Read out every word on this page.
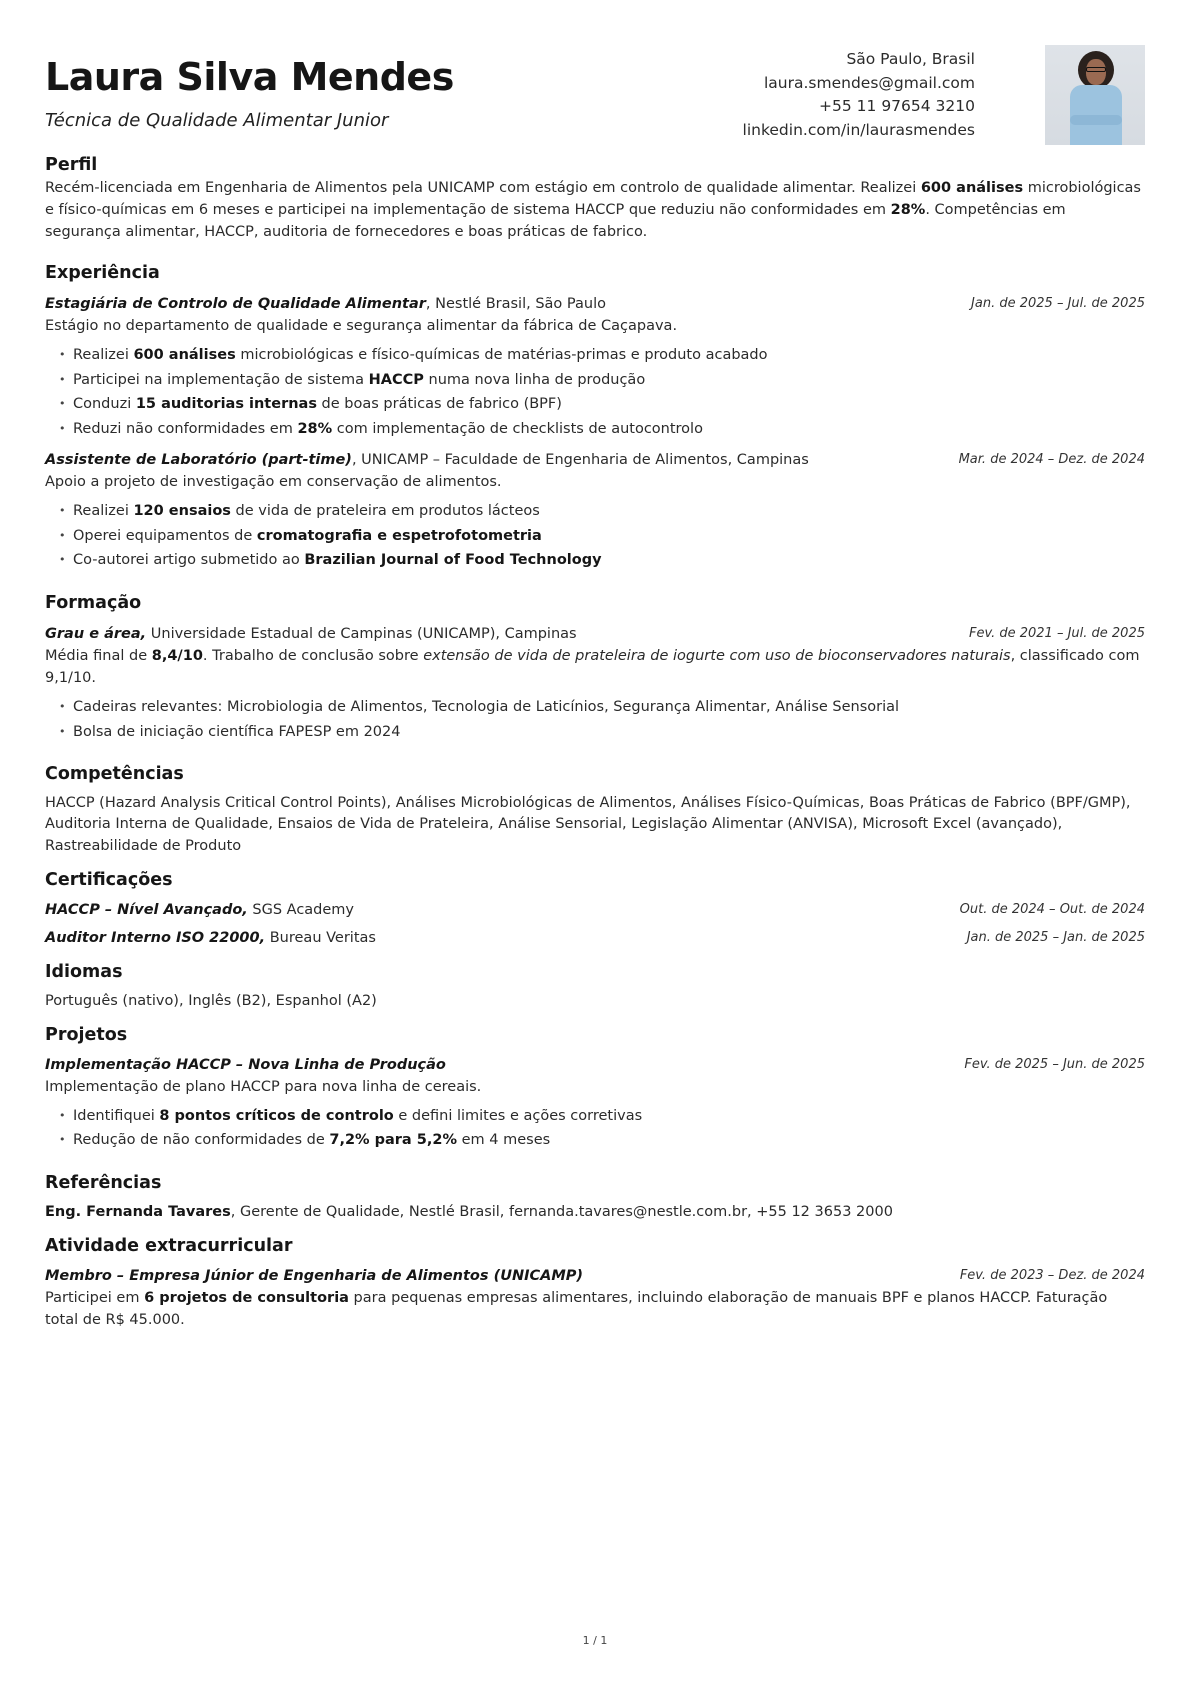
Laura Silva Mendes
Técnica de Qualidade Alimentar Junior
São Paulo, Brasil
laura.smendes@gmail.com
+55 11 97654 3210
linkedin.com/in/laurasmendes
Perfil
Recém-licenciada em Engenharia de Alimentos pela UNICAMP com estágio em controlo de qualidade alimentar. Realizei 600 análises microbiológicas e físico-químicas em 6 meses e participei na implementação de sistema HACCP que reduziu não conformidades em 28%. Competências em segurança alimentar, HACCP, auditoria de fornecedores e boas práticas de fabrico.
Experiência
Estagiária de Controlo de Qualidade Alimentar, Nestlé Brasil, São Paulo	Jan. de 2025 – Jul. de 2025
Estágio no departamento de qualidade e segurança alimentar da fábrica de Caçapava.
• Realizei 600 análises microbiológicas e físico-químicas de matérias-primas e produto acabado
• Participei na implementação de sistema HACCP numa nova linha de produção
• Conduzi 15 auditorias internas de boas práticas de fabrico (BPF)
• Reduzi não conformidades em 28% com implementação de checklists de autocontrolo
Assistente de Laboratório (part-time), UNICAMP – Faculdade de Engenharia de Alimentos, Campinas	Mar. de 2024 – Dez. de 2024
Apoio a projeto de investigação em conservação de alimentos.
• Realizei 120 ensaios de vida de prateleira em produtos lácteos
• Operei equipamentos de cromatografia e espetrofotometria
• Co-autorei artigo submetido ao Brazilian Journal of Food Technology
Formação
Grau e área, Universidade Estadual de Campinas (UNICAMP), Campinas	Fev. de 2021 – Jul. de 2025
Média final de 8,4/10. Trabalho de conclusão sobre extensão de vida de prateleira de iogurte com uso de bioconservadores naturais, classificado com 9,1/10.
• Cadeiras relevantes: Microbiologia de Alimentos, Tecnologia de Laticínios, Segurança Alimentar, Análise Sensorial
• Bolsa de iniciação científica FAPESP em 2024
Competências
HACCP (Hazard Analysis Critical Control Points), Análises Microbiológicas de Alimentos, Análises Físico-Químicas, Boas Práticas de Fabrico (BPF/GMP), Auditoria Interna de Qualidade, Ensaios de Vida de Prateleira, Análise Sensorial, Legislação Alimentar (ANVISA), Microsoft Excel (avançado), Rastreabilidade de Produto
Certificações
HACCP – Nível Avançado, SGS Academy	Out. de 2024 – Out. de 2024
Auditor Interno ISO 22000, Bureau Veritas	Jan. de 2025 – Jan. de 2025
Idiomas
Português (nativo), Inglês (B2), Espanhol (A2)
Projetos
Implementação HACCP – Nova Linha de Produção	Fev. de 2025 – Jun. de 2025
Implementação de plano HACCP para nova linha de cereais.
• Identifiquei 8 pontos críticos de controlo e defini limites e ações corretivas
• Redução de não conformidades de 7,2% para 5,2% em 4 meses
Referências
Eng. Fernanda Tavares, Gerente de Qualidade, Nestlé Brasil, fernanda.tavares@nestle.com.br, +55 12 3653 2000
Atividade extracurricular
Membro – Empresa Júnior de Engenharia de Alimentos (UNICAMP)	Fev. de 2023 – Dez. de 2024
Participei em 6 projetos de consultoria para pequenas empresas alimentares, incluindo elaboração de manuais BPF e planos HACCP. Faturação total de R$ 45.000.
1 / 1
